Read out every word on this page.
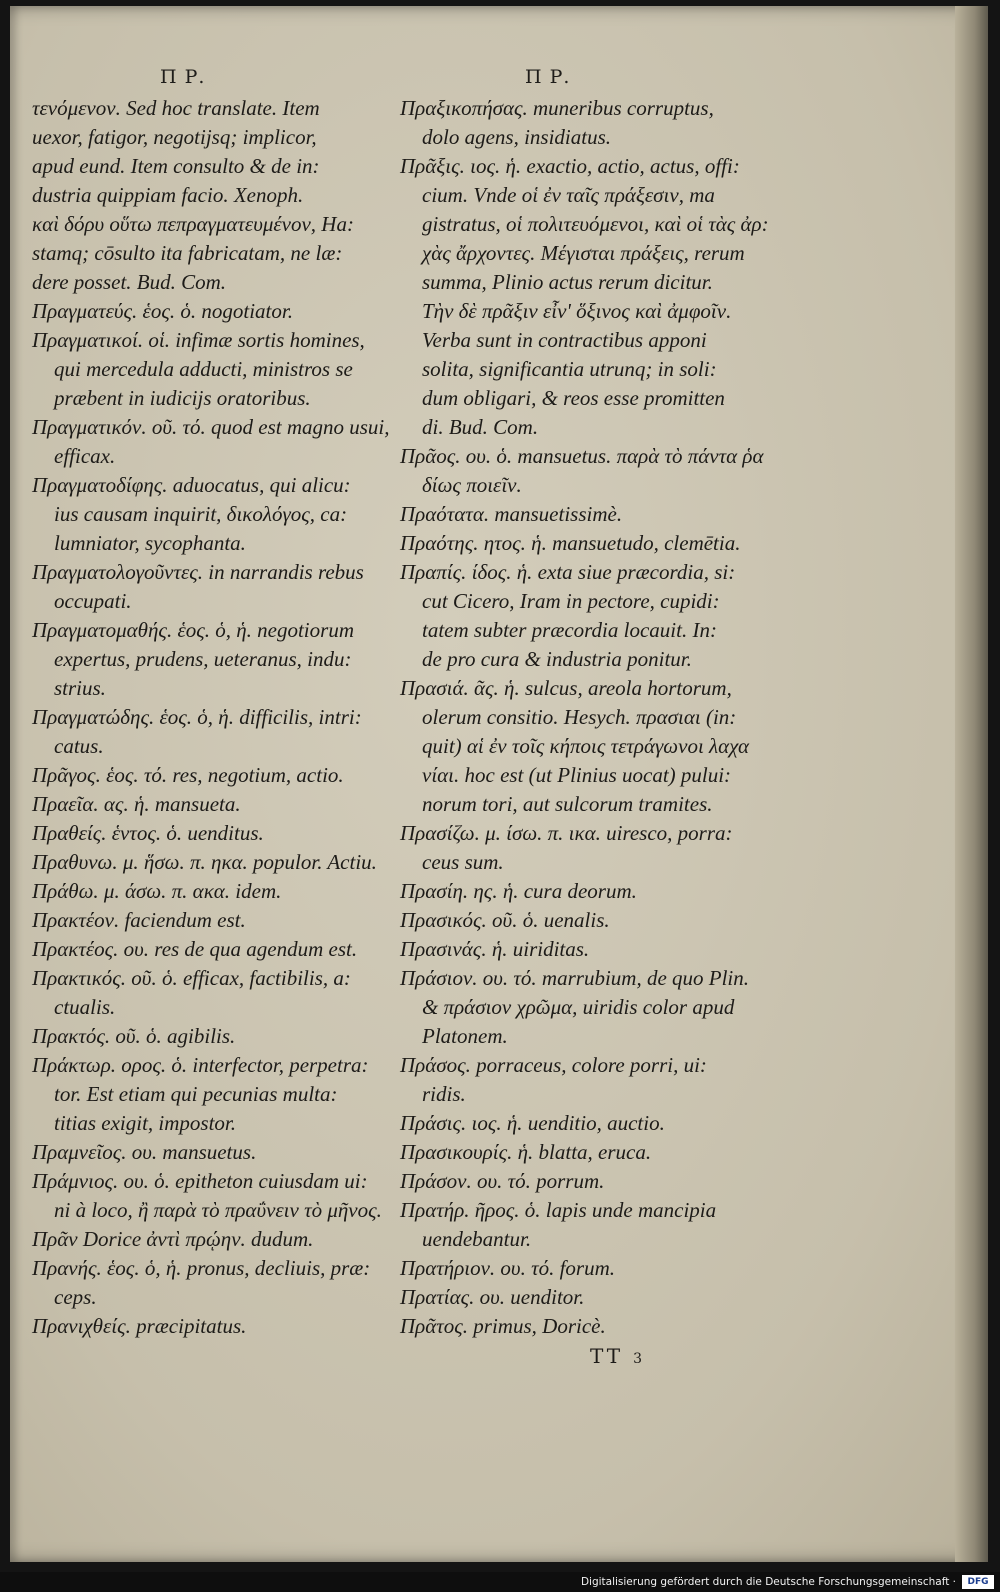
Π Ρ.	Π Ρ.
τενόμενον. Sed hoc translate. Item
uexor, fatigor, negotijsq; implicor,
apud eund. Item consulto & de in:
dustria quippiam facio. Xenoph.
καὶ δόρυ οὕτω πεπραγματευμένον, Ha:
stamq; cōsulto ita fabricatam, ne læ:
dere posset. Bud. Com.
Πραγματεύς. ἑος. ὁ. nogotiator.
Πραγματικοί. οἱ. infimæ sortis homines,
qui mercedula adducti, ministros se
præbent in iudicijs oratoribus.
Πραγματικόν. οῦ. τό. quod est magno usui,
efficax.
Πραγματοδίφης. aduocatus, qui alicu:
ius causam inquirit, δικολόγος, ca:
lumniator, sycophanta.
Πραγματολογοῦντες. in narrandis rebus
occupati.
Πραγματομαθής. ἑος. ὁ, ἡ. negotiorum
expertus, prudens, ueteranus, indu:
strius.
Πραγματώδης. ἑος. ὁ, ἡ. difficilis, intri:
catus.
Πρᾶγος. ἑος. τό. res, negotium, actio.
Πραεῖα. ας. ἡ. mansueta.
Πραθείς. ἑντος. ὁ. uenditus.
Πραθυνω. μ. ἥσω. π. ηκα. populor. Actiu.
Πράθω. μ. άσω. π. ακα. idem.
Πρακτέον. faciendum est.
Πρακτέος. ου. res de qua agendum est.
Πρακτικός. οῦ. ὁ. efficax, factibilis, a:
ctualis.
Πρακτός. οῦ. ὁ. agibilis.
Πράκτωρ. ορος. ὁ. interfector, perpetra:
tor. Est etiam qui pecunias multa:
titias exigit, impostor.
Πραμνεῖος. ου. mansuetus.
Πράμνιος. ου. ὁ. epitheton cuiusdam ui:
ni à loco, ἢ παρὰ τὸ πραΰνειν τὸ μῆνος.
Πρᾶν Dorice ἀντὶ πρῴην. dudum.
Πρανής. ἑος. ὁ, ἡ. pronus, decliuis, præ:
ceps.
Πρανιχθείς. præcipitatus.
Πραξικοπήσας. muneribus corruptus,
dolo agens, insidiatus.
Πρᾶξις. ιος. ἡ. exactio, actio, actus, offi:
cium. Vnde οἱ ἐν ταῖς πράξεσιν, ma
gistratus, οἱ πολιτευόμενοι, καὶ οἱ τὰς ἀρ:
χὰς ἄρχοντες. Μέγισται πράξεις, rerum
summa, Plinio actus rerum dicitur.
Τὴν δὲ πρᾶξιν εἶν' ὅξινος καὶ ἀμφοῖν.
Verba sunt in contractibus apponi
solita, significantia utrunq; in soli:
dum obligari, & reos esse promitten
di. Bud. Com.
Πρᾶος. ου. ὁ. mansuetus. παρὰ τὸ πάντα ῥα
δίως ποιεῖν.
Πραότατα. mansuetissimè.
Πραότης. ητος. ἡ. mansuetudo, clemētia.
Πραπίς. ίδος. ἡ. exta siue præcordia, si:
cut Cicero, Iram in pectore, cupidi:
tatem subter præcordia locauit. In:
de pro cura & industria ponitur.
Πρασιά. ᾶς. ἡ. sulcus, areola hortorum,
olerum consitio. Hesych. πρασιαι (in:
quit) αἱ ἐν τοῖς κήποις τετράγωνοι λαχα
νίαι. hoc est (ut Plinius uocat) pului:
norum tori, aut sulcorum tramites.
Πρασίζω. μ. ίσω. π. ικα. uiresco, porra:
ceus sum.
Πρασίη. ης. ἡ. cura deorum.
Πρασικός. οῦ. ὁ. uenalis.
Πρασινάς. ἡ. uiriditas.
Πράσιον. ου. τό. marrubium, de quo Plin.
& πράσιον χρῶμα, uiridis color apud
Platonem.
Πράσος. porraceus, colore porri, ui:
ridis.
Πράσις. ιος. ἡ. uenditio, auctio.
Πρασικουρίς. ἡ. blatta, eruca.
Πράσον. ου. τό. porrum.
Πρατήρ. ῆρος. ὁ. lapis unde mancipia
uendebantur.
Πρατήριον. ου. τό. forum.
Πρατίας. ου. uenditor.
Πρᾶτος. primus, Doricè.
TT 3
Digitalisierung gefördert durch die Deutsche Forschungsgemeinschaft ·	DFG
